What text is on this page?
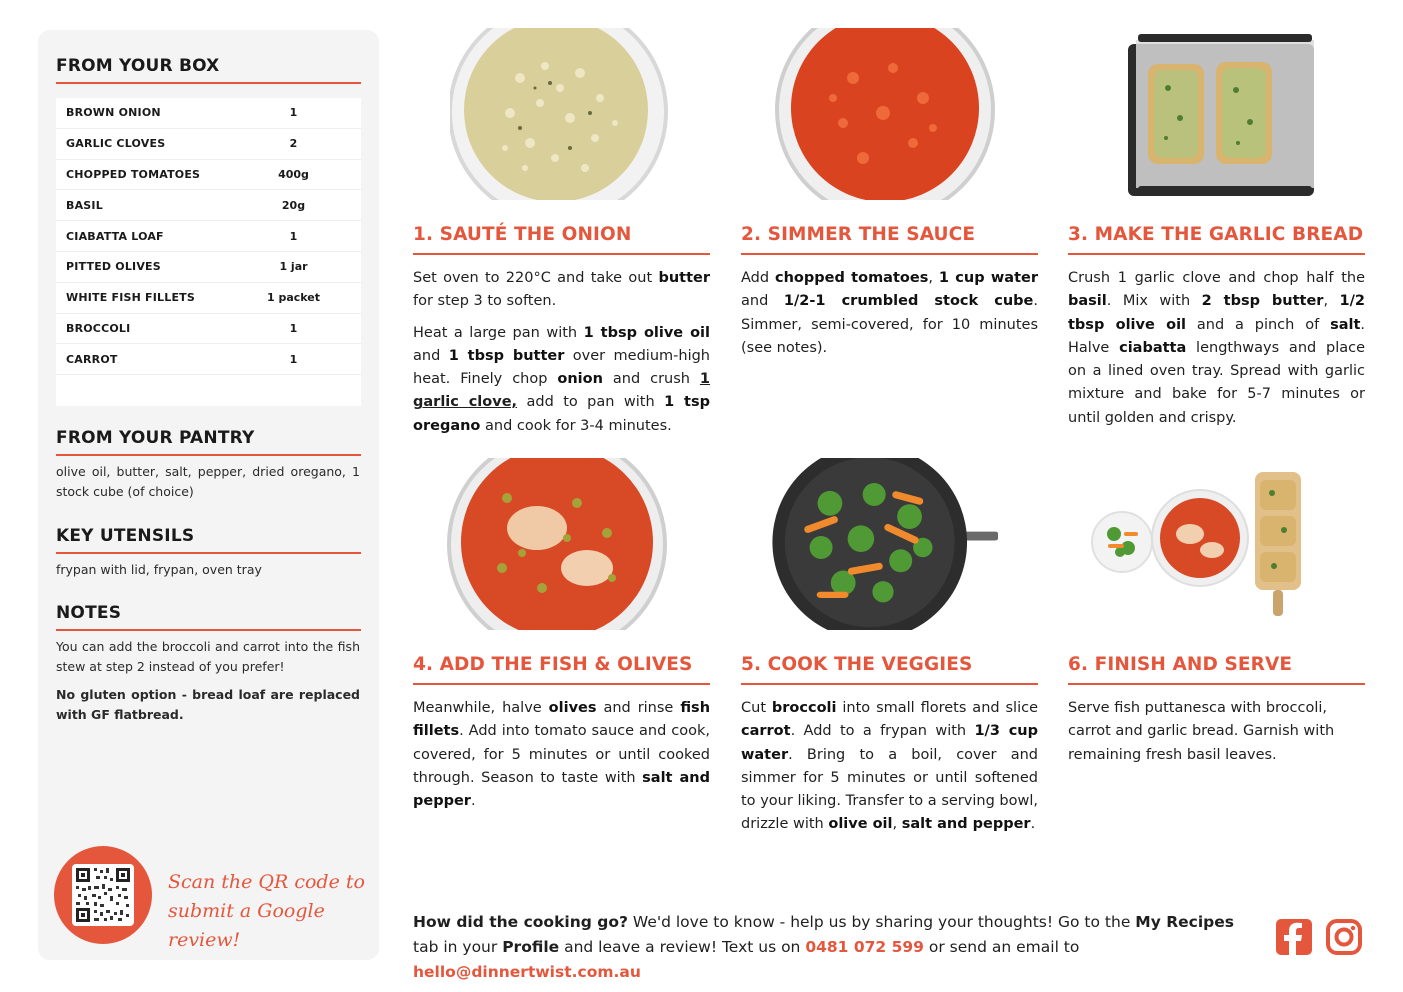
FROM YOUR BOX
BROWN ONION	1
GARLIC CLOVES	2
CHOPPED TOMATOES	400g
BASIL	20g
CIABATTA LOAF	1
PITTED OLIVES	1 jar
WHITE FISH FILLETS	1 packet
BROCCOLI	1
CARROT	1
FROM YOUR PANTRY
olive oil, butter, salt, pepper, dried oregano, 1 stock cube (of choice)
KEY UTENSILS
frypan with lid, frypan, oven tray
NOTES
You can add the broccoli and carrot into the fish stew at step 2 instead of you prefer!
No gluten option - bread loaf are replaced with GF flatbread.
Scan the QR code to
submit a Google review!
1. SAUTÉ THE ONION

Set oven to 220°C and take out butter for step 3 to soften.

Heat a large pan with 1 tbsp olive oil and 1 tbsp butter over medium-high heat. Finely chop onion and crush 1 garlic clove, add to pan with 1 tsp oregano and cook for 3-4 minutes.

2. SIMMER THE SAUCE

Add chopped tomatoes, 1 cup water and 1/2-1 crumbled stock cube. Simmer, semi-covered, for 10 minutes (see notes).

3. MAKE THE GARLIC BREAD

Crush 1 garlic clove and chop half the basil. Mix with 2 tbsp butter, 1/2 tbsp olive oil and a pinch of salt. Halve ciabatta lengthways and place on a lined oven tray. Spread with garlic mixture and bake for 5-7 minutes or until golden and crispy.

4. ADD THE FISH & OLIVES

Meanwhile, halve olives and rinse fish fillets. Add into tomato sauce and cook, covered, for 5 minutes or until cooked through. Season to taste with salt and pepper.

5. COOK THE VEGGIES

Cut broccoli into small florets and slice carrot. Add to a frypan with 1/3 cup water. Bring to a boil, cover and simmer for 5 minutes or until softened to your liking. Transfer to a serving bowl, drizzle with olive oil, salt and pepper.

6. FINISH AND SERVE

Serve fish puttanesca with broccoli, carrot and garlic bread. Garnish with remaining fresh basil leaves.

How did the cooking go? We'd love to know - help us by sharing your thoughts! Go to the My Recipes tab in your Profile and leave a review! Text us on 0481 072 599 or send an email to hello@dinnertwist.com.au
